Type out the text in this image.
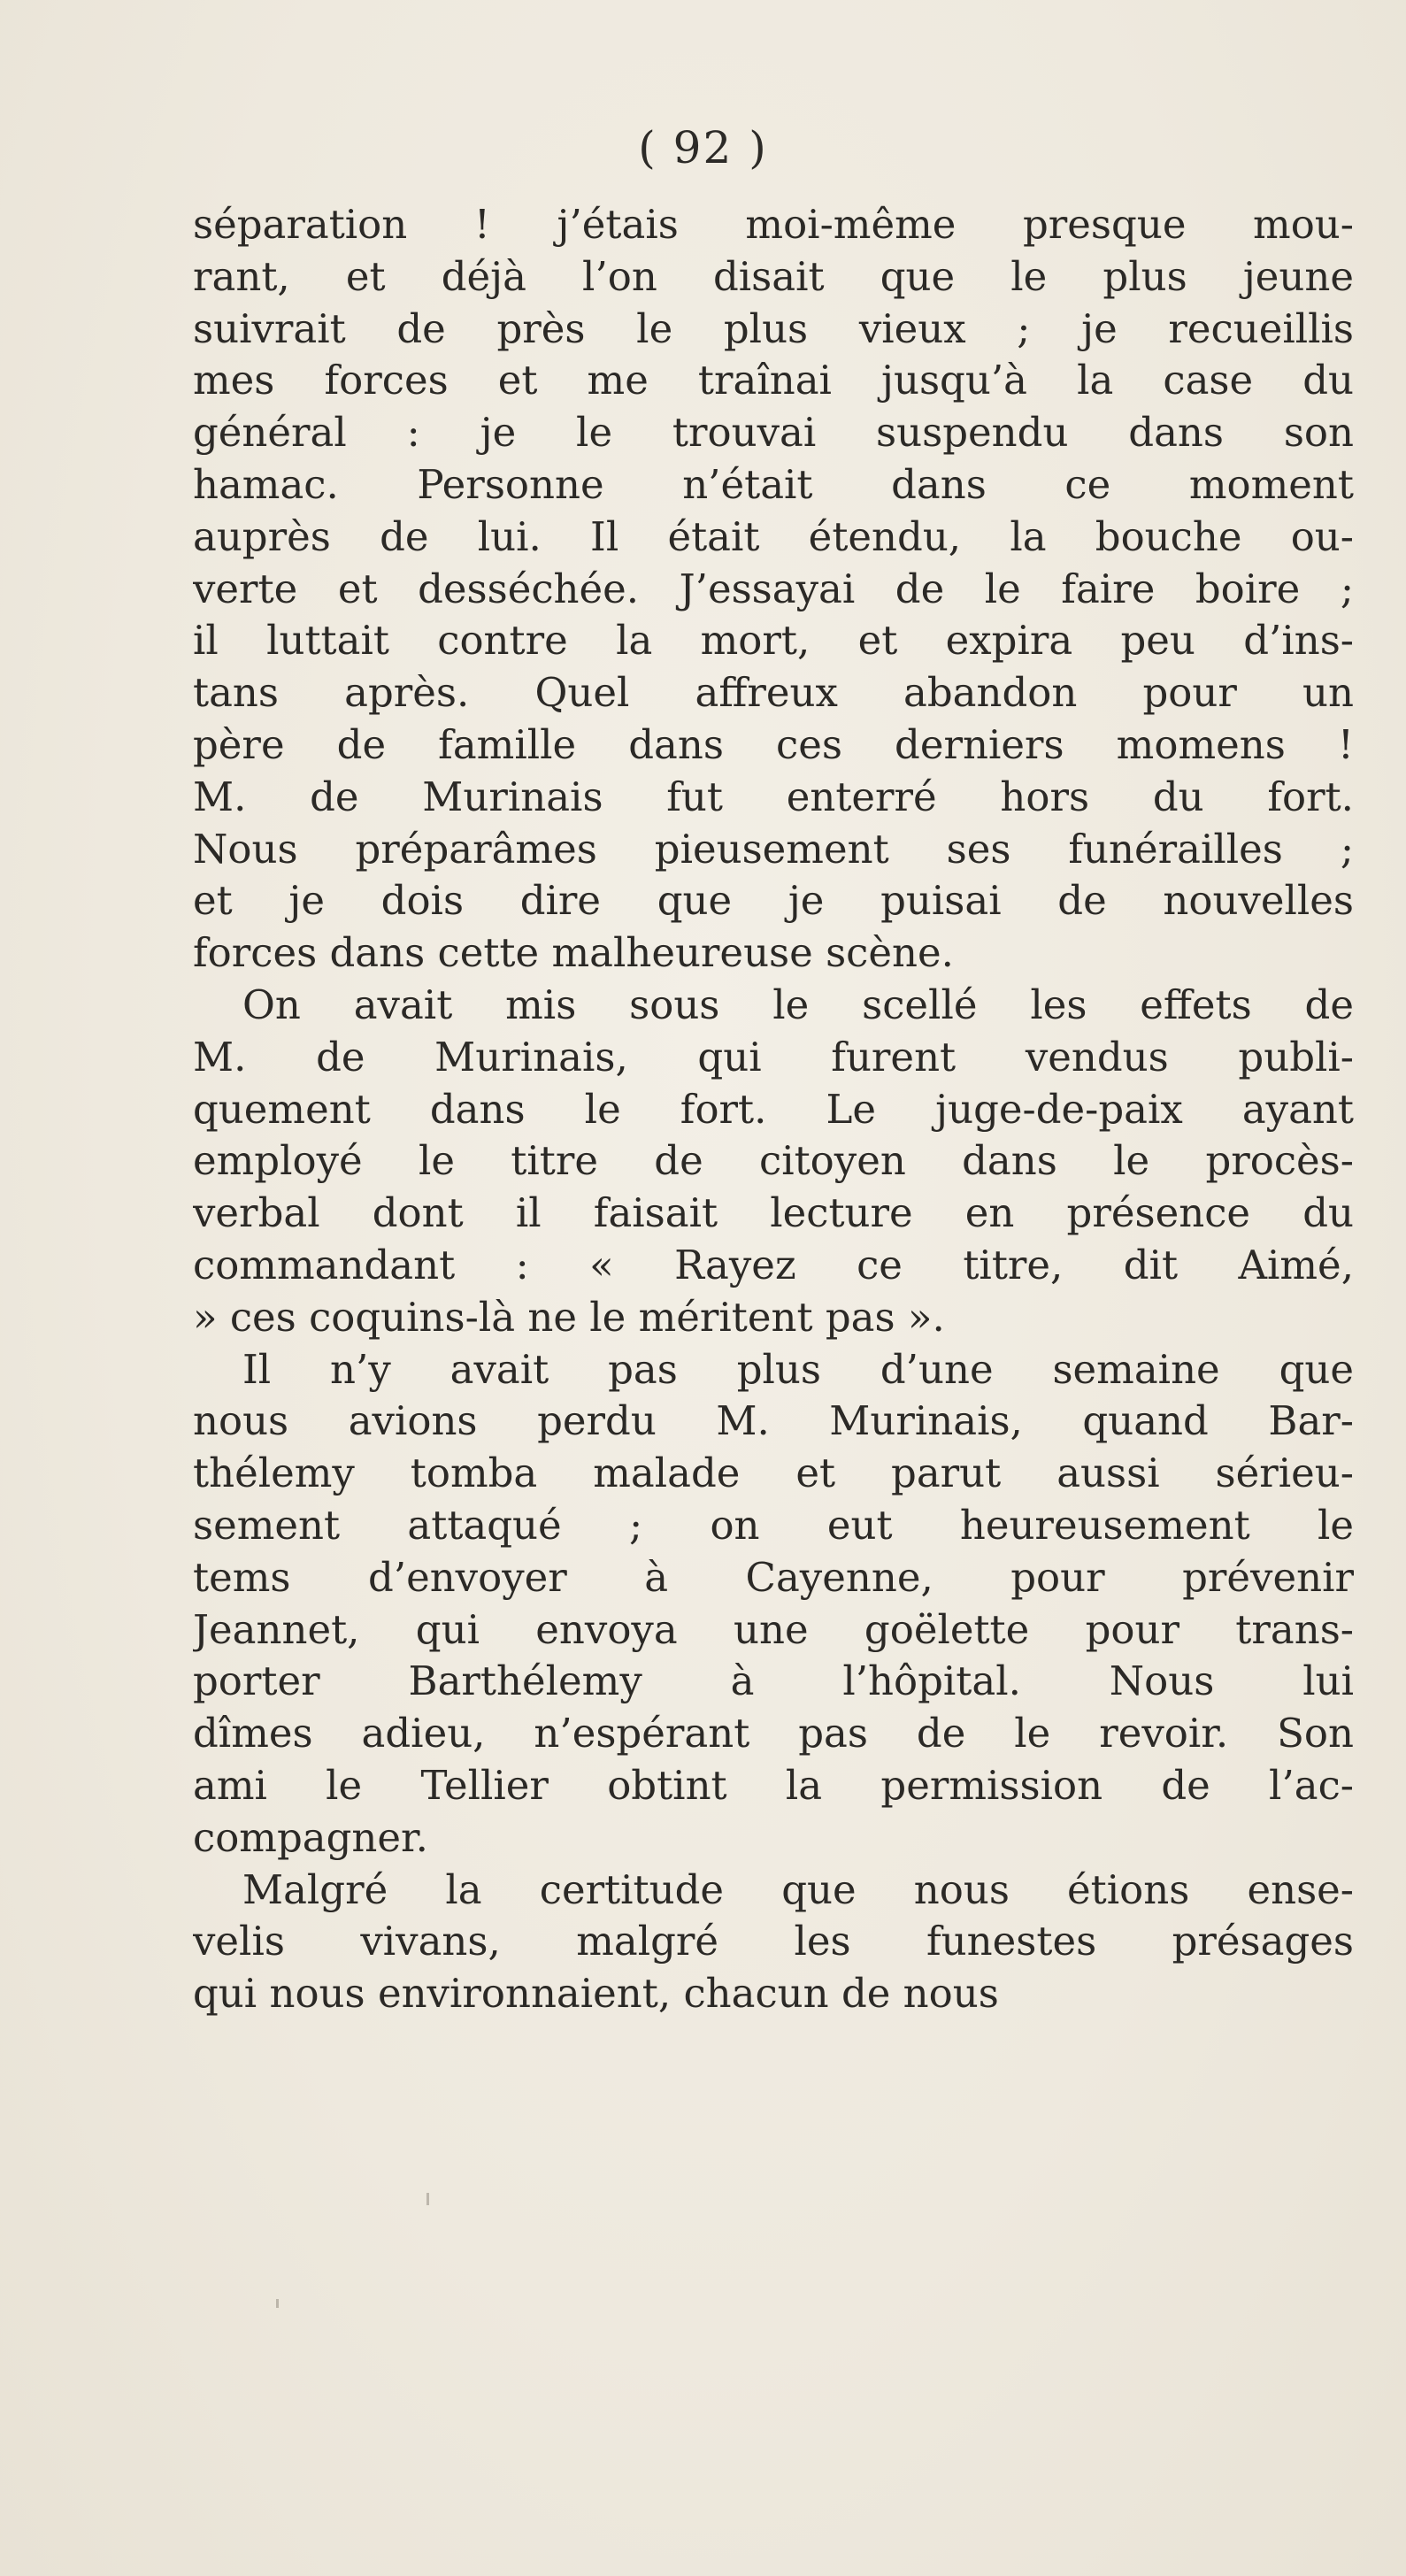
( 92 )
séparation ! j’étais moi-même presque mou-
rant, et déjà l’on disait que le plus jeune
suivrait de près le plus vieux ; je recueillis
mes forces et me traînai jusqu’à la case du
général : je le trouvai suspendu dans son
hamac. Personne n’était dans ce moment
auprès de lui. Il était étendu, la bouche ou-
verte et desséchée. J’essayai de le faire boire ;
il luttait contre la mort, et expira peu d’ins-
tans après. Quel affreux abandon pour un
père de famille dans ces derniers momens !
M. de Murinais fut enterré hors du fort.
Nous préparâmes pieusement ses funérailles ;
et je dois dire que je puisai de nouvelles
forces dans cette malheureuse scène.
On avait mis sous le scellé les effets de
M. de Murinais, qui furent vendus publi-
quement dans le fort. Le juge-de-paix ayant
employé le titre de citoyen dans le procès-
verbal dont il faisait lecture en présence du
commandant : « Rayez ce titre, dit Aimé,
» ces coquins-là ne le méritent pas ».
Il n’y avait pas plus d’une semaine que
nous avions perdu M. Murinais, quand Bar-
thélemy tomba malade et parut aussi sérieu-
sement attaqué ; on eut heureusement le
tems d’envoyer à Cayenne, pour prévenir
Jeannet, qui envoya une goëlette pour trans-
porter Barthélemy à l’hôpital. Nous lui
dîmes adieu, n’espérant pas de le revoir. Son
ami le Tellier obtint la permission de l’ac-
compagner.
Malgré la certitude que nous étions ense-
velis vivans, malgré les funestes présages
qui nous environnaient, chacun de nous
